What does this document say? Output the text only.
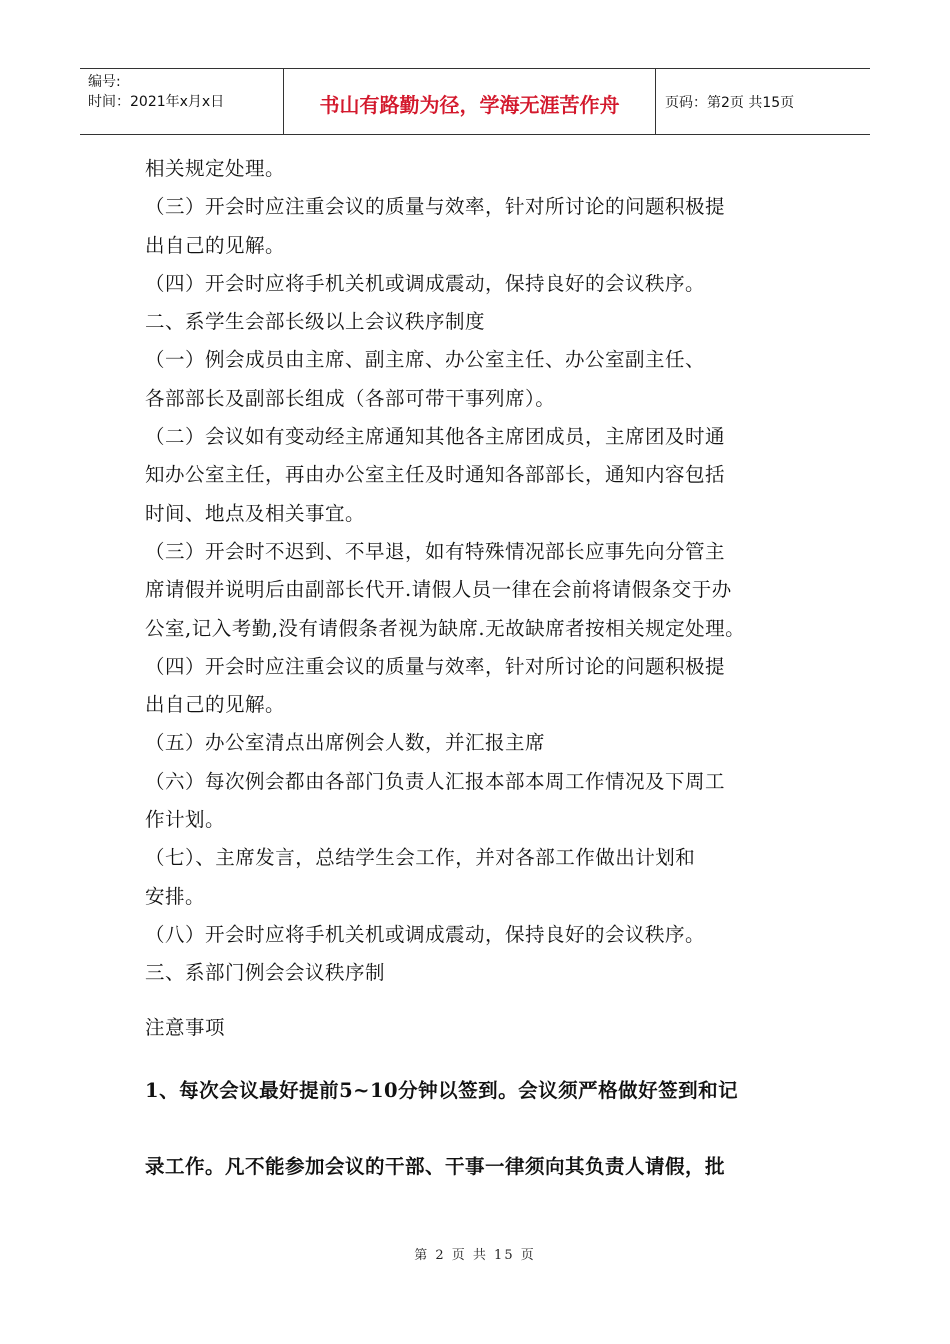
编号:
时间：2021年x月x日	书山有路勤为径，学海无涯苦作舟	页码：第2页 共15页

相关规定处理。

（三）开会时应注重会议的质量与效率，针对所讨论的问题积极提

出自己的见解。

（四）开会时应将手机关机或调成震动，保持良好的会议秩序。

二、系学生会部长级以上会议秩序制度

（一）例会成员由主席、副主席、办公室主任、办公室副主任、

各部部长及副部长组成（各部可带干事列席）。

（二）会议如有变动经主席通知其他各主席团成员，主席团及时通

知办公室主任，再由办公室主任及时通知各部部长，通知内容包括

时间、地点及相关事宜。

（三）开会时不迟到、不早退，如有特殊情况部长应事先向分管主

席请假并说明后由副部长代开.请假人员一律在会前将请假条交于办

公室,记入考勤,没有请假条者视为缺席.无故缺席者按相关规定处理。

（四）开会时应注重会议的质量与效率，针对所讨论的问题积极提

出自己的见解。

（五）办公室清点出席例会人数，并汇报主席

（六）每次例会都由各部门负责人汇报本部本周工作情况及下周工

作计划。

（七）、主席发言，总结学生会工作，并对各部工作做出计划和

安排。

（八）开会时应将手机关机或调成震动，保持良好的会议秩序。

三、系部门例会会议秩序制

注意事项

1、每次会议最好提前5~10分钟以签到。会议须严格做好签到和记

录工作。凡不能参加会议的干部、干事一律须向其负责人请假，批

第 2 页 共 15 页
